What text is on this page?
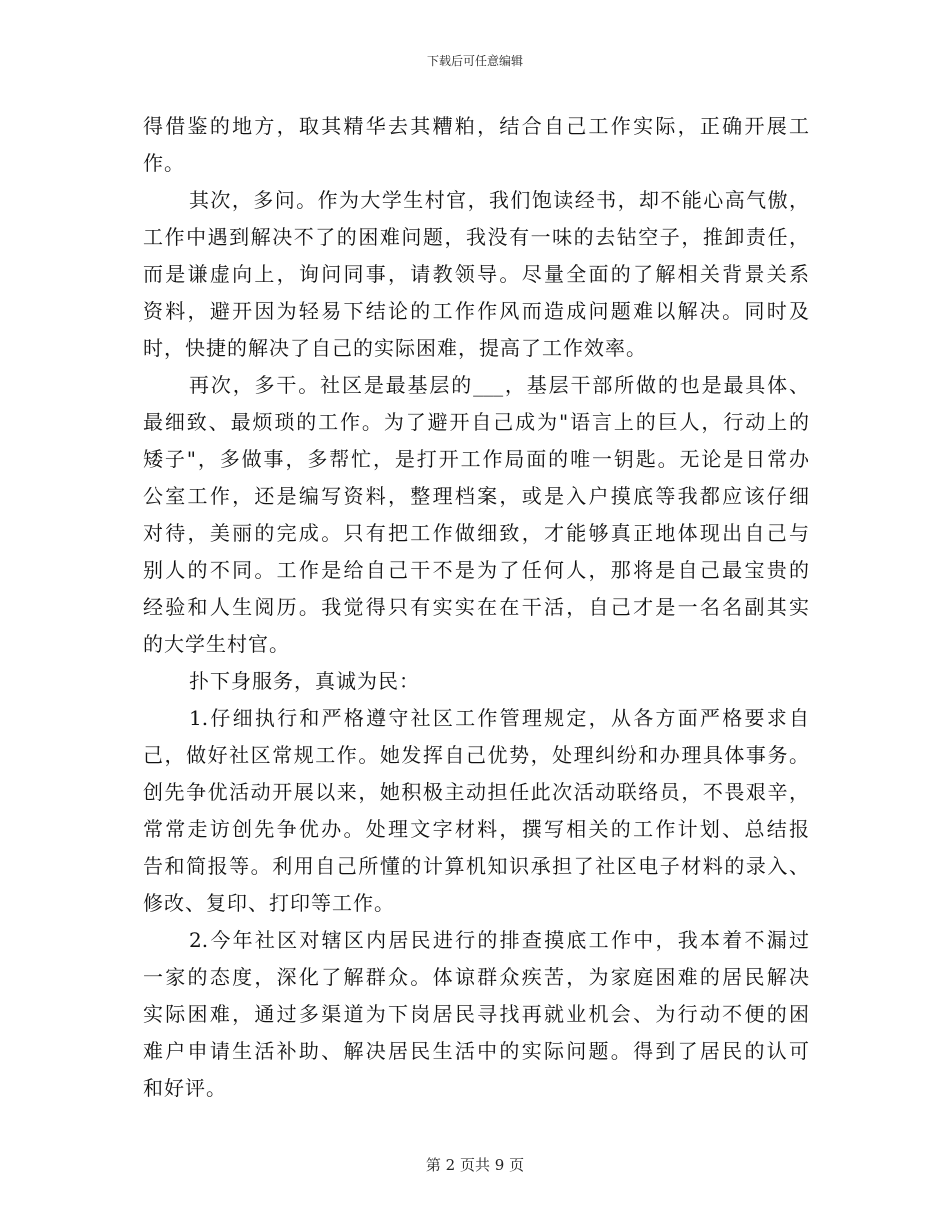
下载后可任意编辑
得借鉴的地方，取其精华去其糟粕，结合自己工作实际，正确开展工
作。
其次，多问。作为大学生村官，我们饱读经书，却不能心高气傲，
工作中遇到解决不了的困难问题，我没有一味的去钻空子，推卸责任，
而是谦虚向上，询问同事，请教领导。尽量全面的了解相关背景关系
资料，避开因为轻易下结论的工作作风而造成问题难以解决。同时及
时，快捷的解决了自己的实际困难，提高了工作效率。
再次，多干。社区是最基层的___，基层干部所做的也是最具体、
最细致、最烦琐的工作。为了避开自己成为"语言上的巨人，行动上的
矮子"，多做事，多帮忙，是打开工作局面的唯一钥匙。无论是日常办
公室工作，还是编写资料，整理档案，或是入户摸底等我都应该仔细
对待，美丽的完成。只有把工作做细致，才能够真正地体现出自己与
别人的不同。工作是给自己干不是为了任何人，那将是自己最宝贵的
经验和人生阅历。我觉得只有实实在在干活，自己才是一名名副其实
的大学生村官。
扑下身服务，真诚为民：
1.仔细执行和严格遵守社区工作管理规定，从各方面严格要求自
己，做好社区常规工作。她发挥自己优势，处理纠纷和办理具体事务。
创先争优活动开展以来，她积极主动担任此次活动联络员，不畏艰辛，
常常走访创先争优办。处理文字材料，撰写相关的工作计划、总结报
告和简报等。利用自己所懂的计算机知识承担了社区电子材料的录入、
修改、复印、打印等工作。
2.今年社区对辖区内居民进行的排查摸底工作中，我本着不漏过
一家的态度，深化了解群众。体谅群众疾苦，为家庭困难的居民解决
实际困难，通过多渠道为下岗居民寻找再就业机会、为行动不便的困
难户申请生活补助、解决居民生活中的实际问题。得到了居民的认可
和好评。
第 2 页共 9 页
